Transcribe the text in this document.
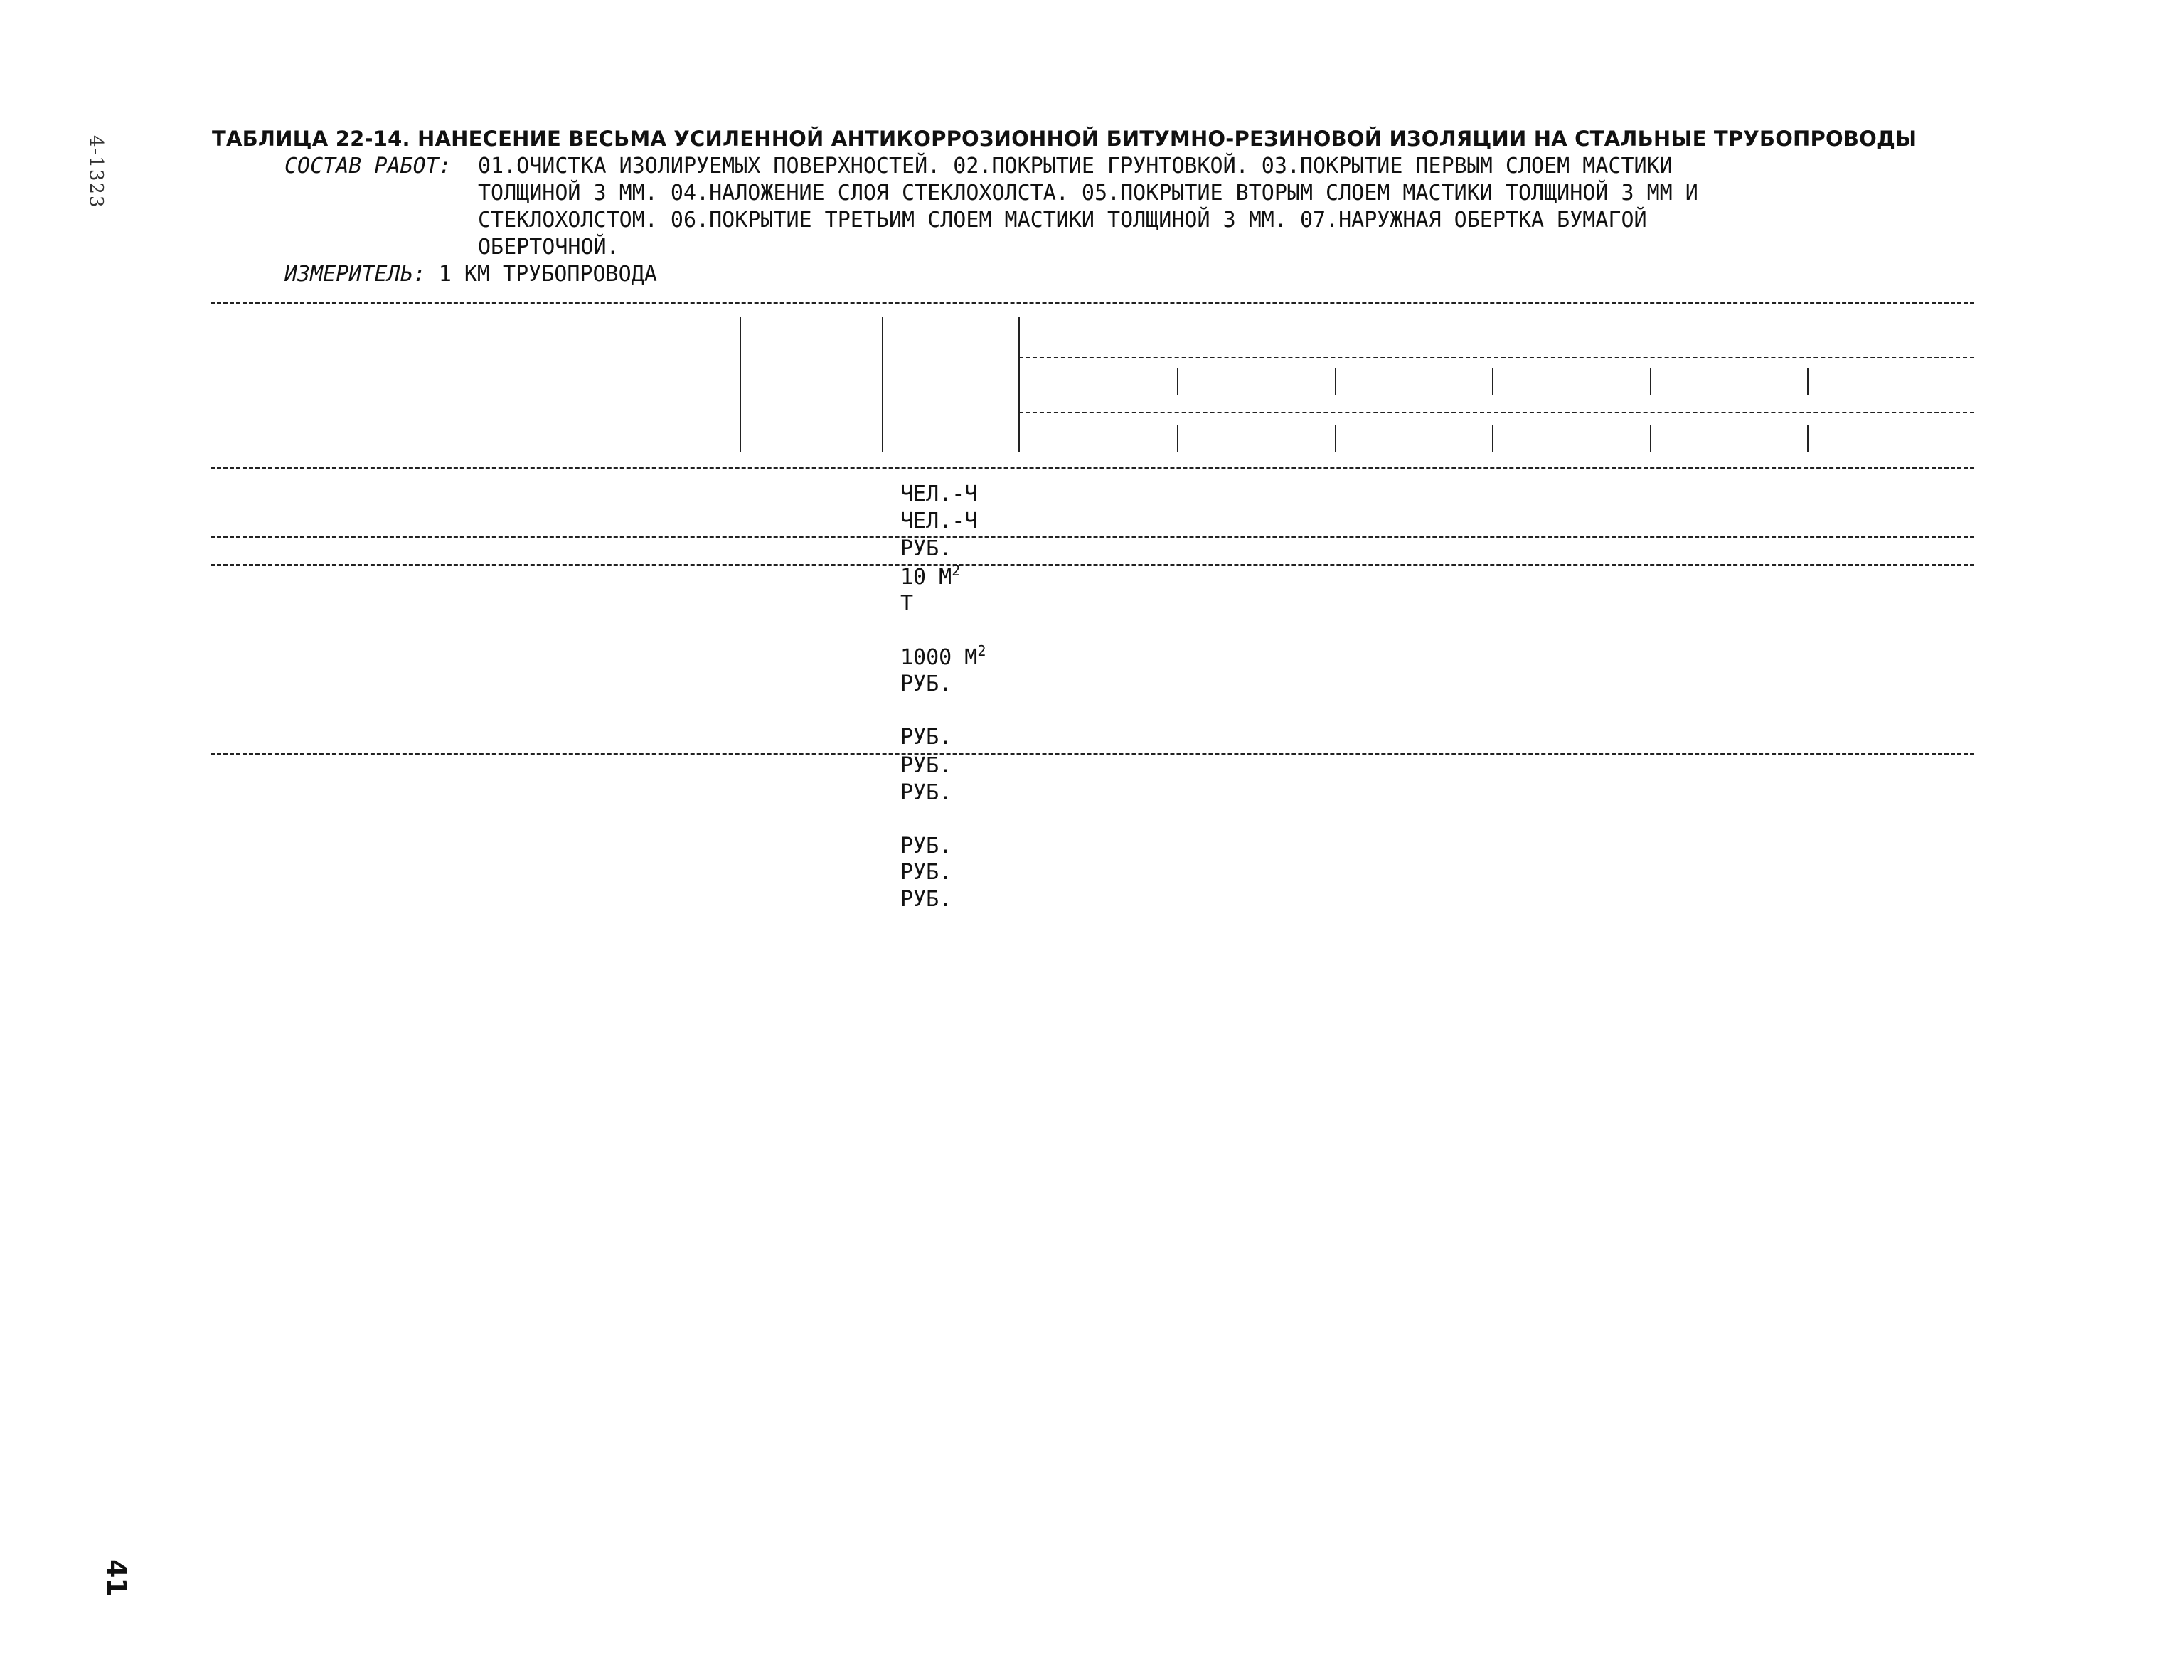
4-1323
41
ТАБЛИЦА 22-14. НАНЕСЕНИЕ ВЕСЬМА УСИЛЕННОЙ АНТИКОРРОЗИОННОЙ БИТУМНО-РЕЗИНОВОЙ ИЗОЛЯЦИИ НА СТАЛЬНЫЕ ТРУБОПРОВОДЫ
СОСТАВ РАБОТ:	01.ОЧИСТКА ИЗОЛИРУЕМЫХ ПОВЕРХНОСТЕЙ. 02.ПОКРЫТИЕ ГРУНТОВКОЙ. 03.ПОКРЫТИЕ ПЕРВЫМ СЛОЕМ МАСТИКИ
ТОЛЩИНОЙ 3 ММ. 04.НАЛОЖЕНИЕ СЛОЯ СТЕКЛОХОЛСТА. 05.ПОКРЫТИЕ ВТОРЫМ СЛОЕМ МАСТИКИ ТОЛЩИНОЙ 3 ММ И
СТЕКЛОХОЛСТОМ. 06.ПОКРЫТИЕ ТРЕТЬИМ СЛОЕМ МАСТИКИ ТОЛЩИНОЙ 3 ММ. 07.НАРУЖНАЯ ОБЕРТКА БУМАГОЙ
ОБЕРТОЧНОЙ.
ИЗМЕРИТЕЛЬ: 1 КМ ТРУБОПРОВОДА
ЧЕЛ.-Ч
ЧЕЛ.-Ч
РУБ.
10 $М^2$
Т
1000 $М^2$
РУБ.
РУБ.
РУБ.
РУБ.
РУБ.
РУБ.
РУБ.
